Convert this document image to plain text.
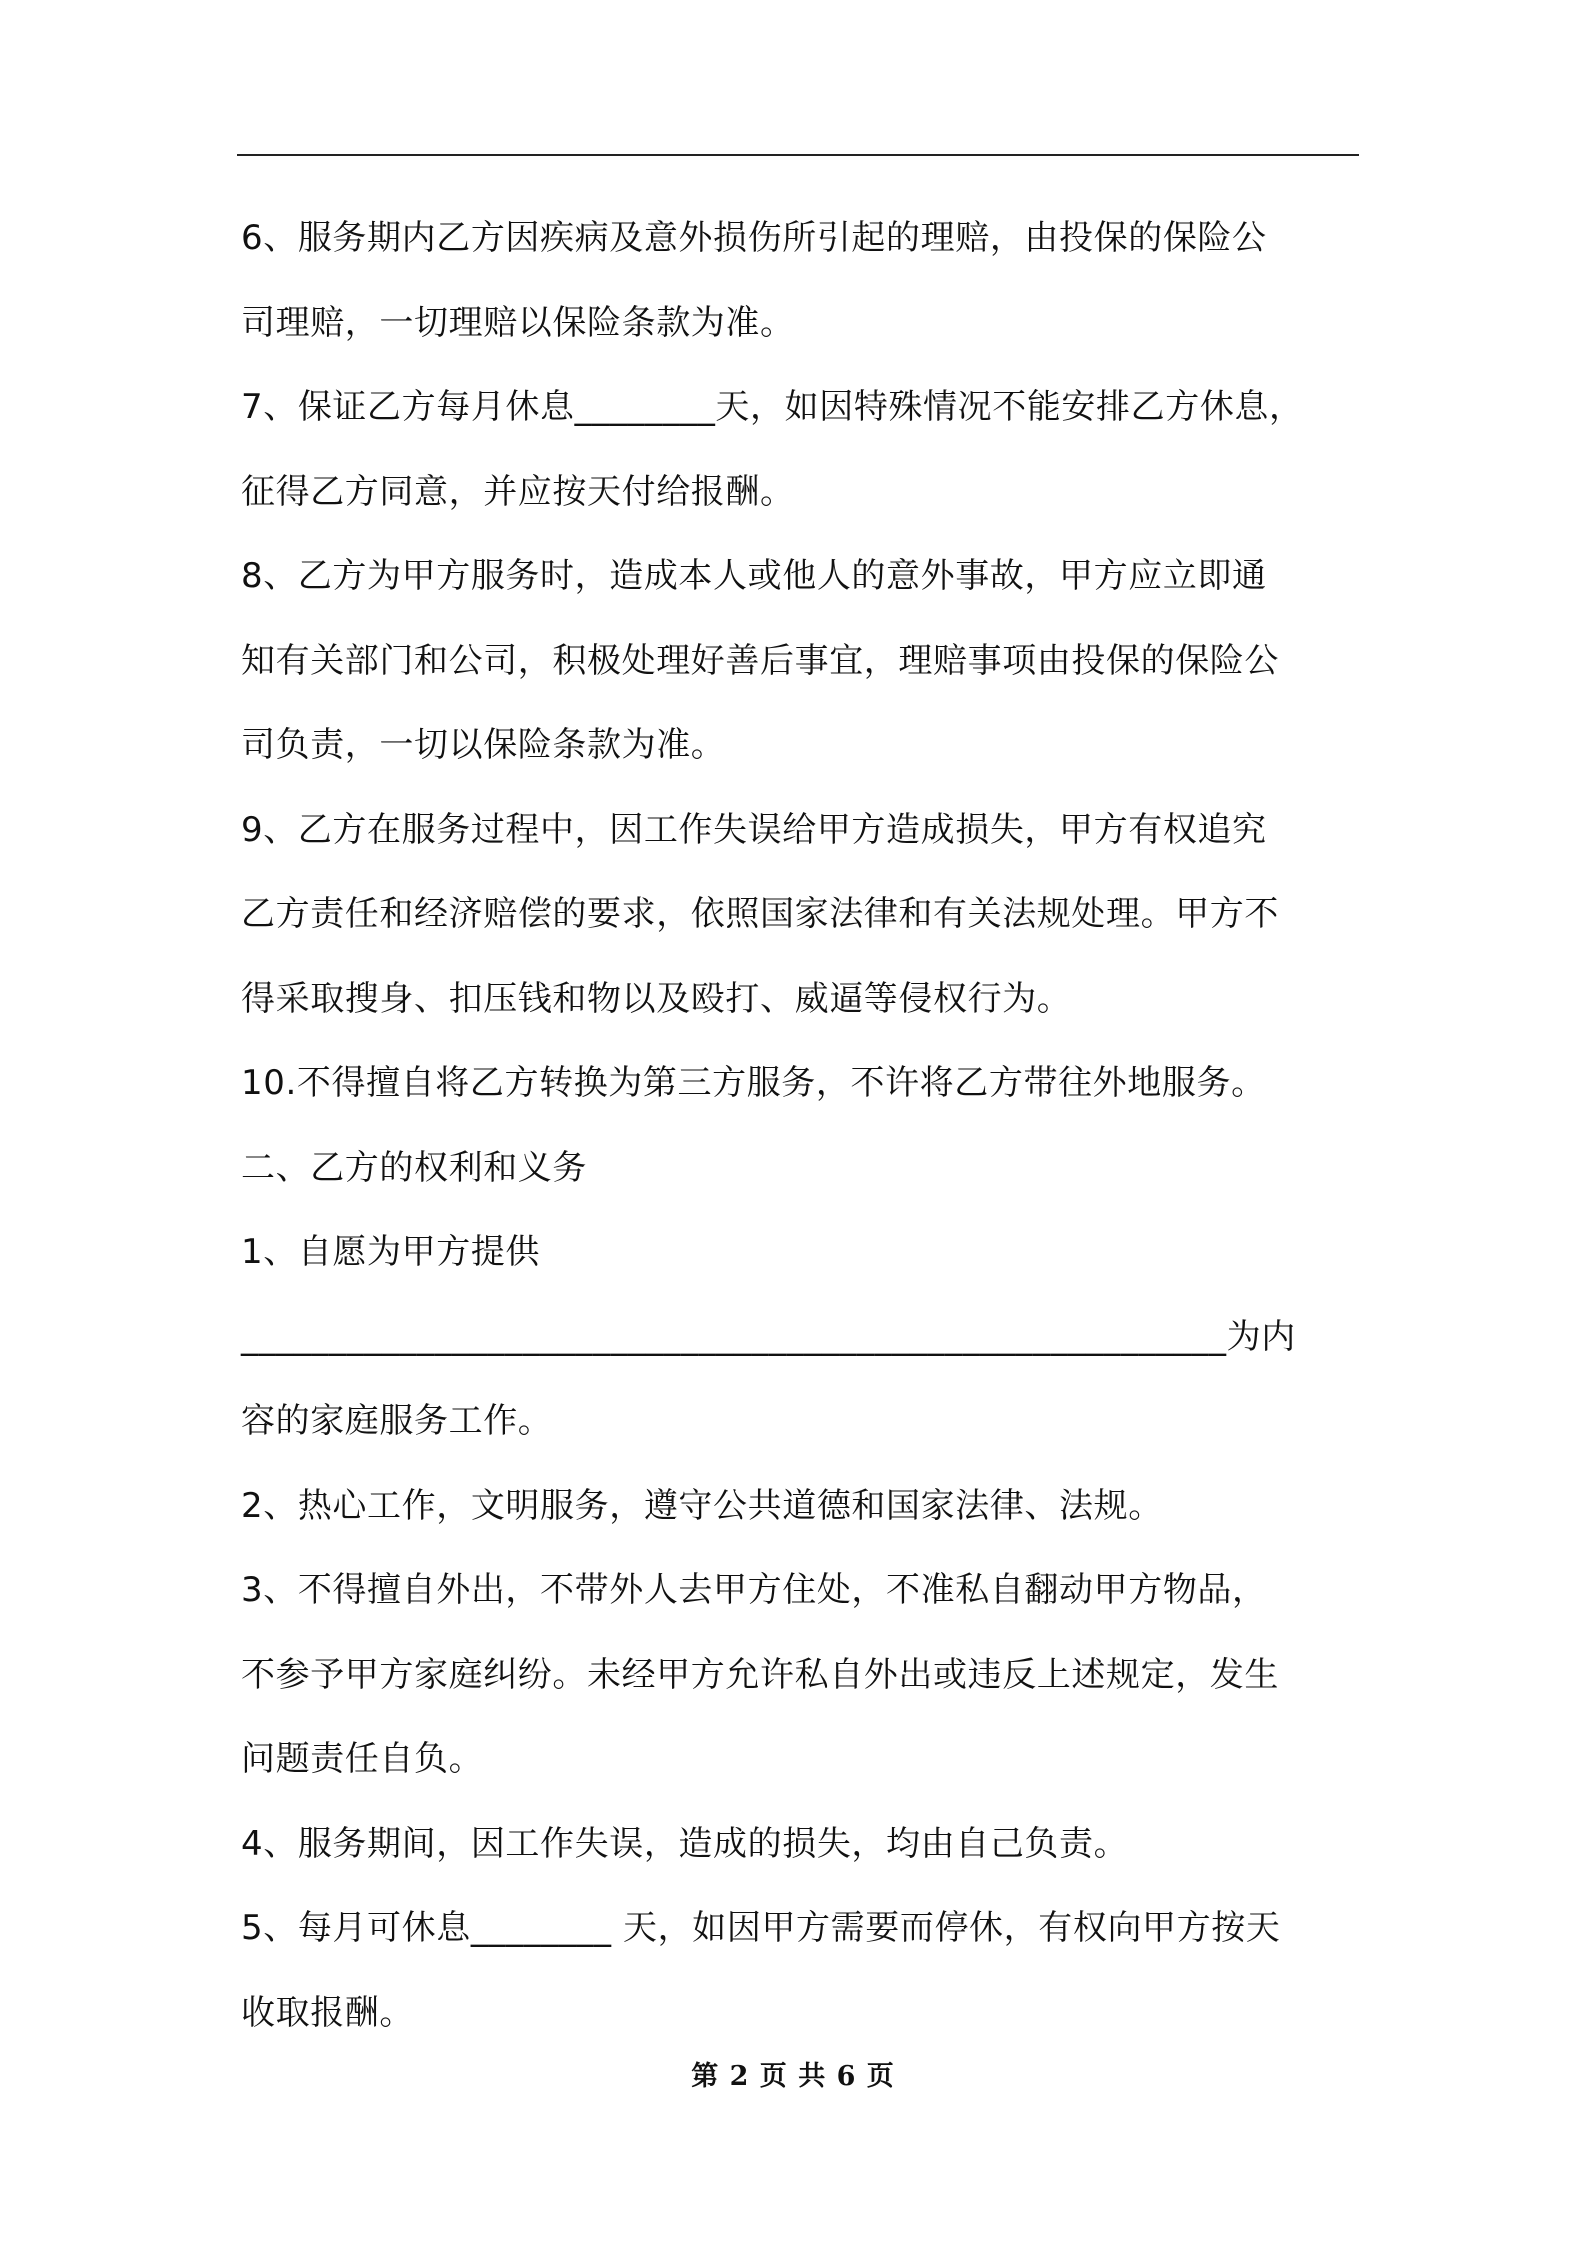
6、服务期内乙方因疾病及意外损伤所引起的理赔，由投保的保险公
司理赔，一切理赔以保险条款为准。
7、保证乙方每月休息________天，如因特殊情况不能安排乙方休息，
征得乙方同意，并应按天付给报酬。
8、乙方为甲方服务时，造成本人或他人的意外事故，甲方应立即通
知有关部门和公司，积极处理好善后事宜，理赔事项由投保的保险公
司负责，一切以保险条款为准。
9、乙方在服务过程中，因工作失误给甲方造成损失，甲方有权追究
乙方责任和经济赔偿的要求，依照国家法律和有关法规处理。甲方不
得采取搜身、扣压钱和物以及殴打、威逼等侵权行为。
10.不得擅自将乙方转换为第三方服务，不许将乙方带往外地服务。
二、乙方的权利和义务
1、自愿为甲方提供
________________________________________________________为内
容的家庭服务工作。
2、热心工作，文明服务，遵守公共道德和国家法律、法规。
3、不得擅自外出，不带外人去甲方住处，不准私自翻动甲方物品，
不参予甲方家庭纠纷。未经甲方允许私自外出或违反上述规定，发生
问题责任自负。
4、服务期间，因工作失误，造成的损失，均由自己负责。
5、每月可休息________ 天，如因甲方需要而停休，有权向甲方按天
收取报酬。
第 2 页 共 6 页
